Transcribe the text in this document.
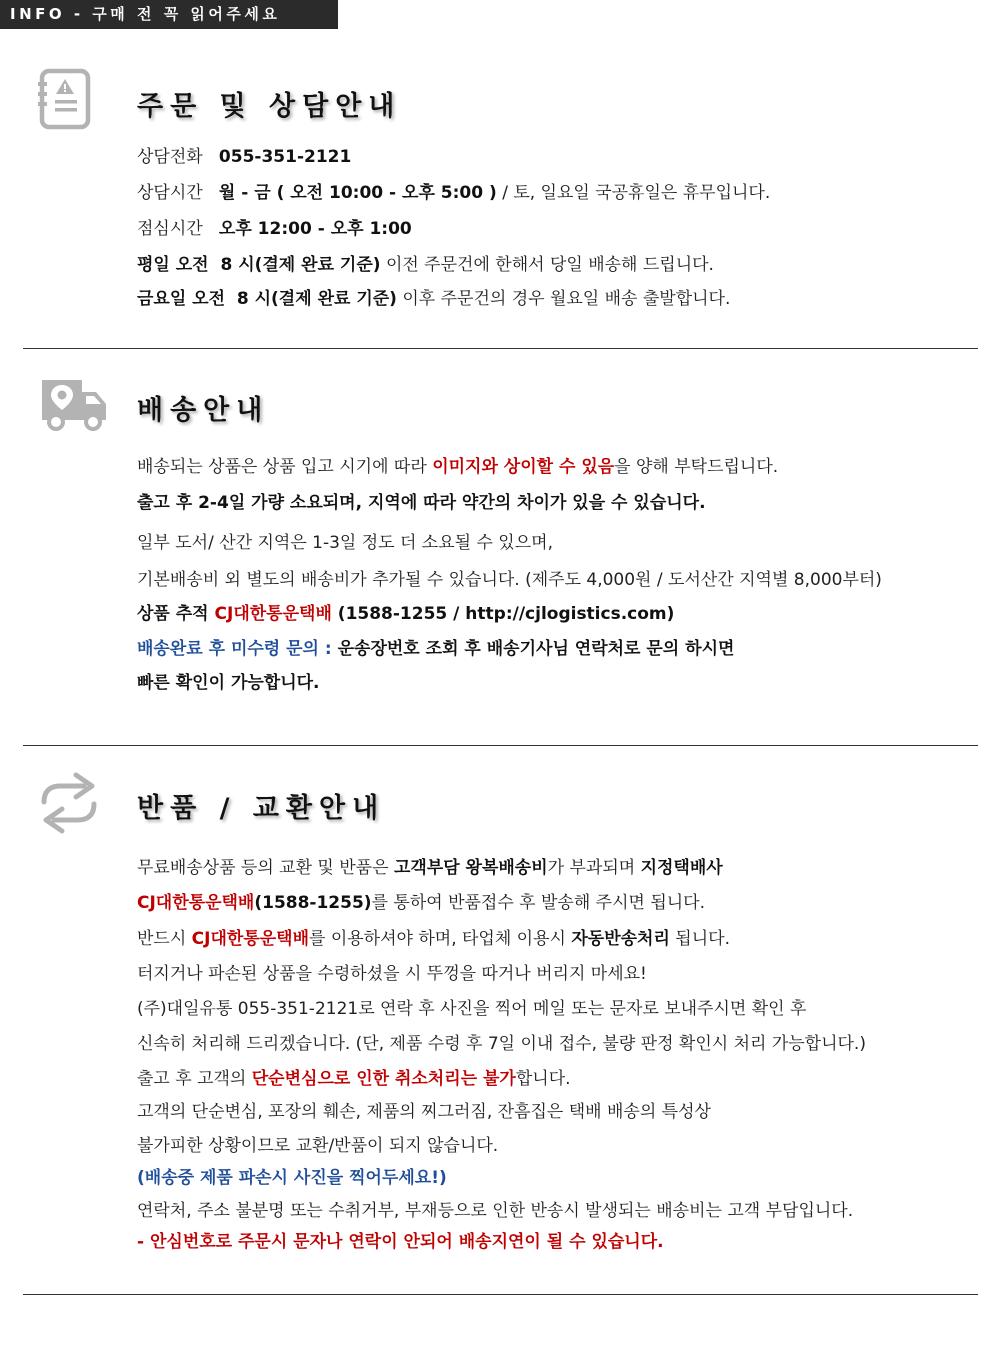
INFO - 구매 전 꼭 읽어주세요
주문 및 상담안내

상담전화 055-351-2121

상담시간 월 - 금 ( 오전 10:00 - 오후 5:00 ) / 토, 일요일 국공휴일은 휴무입니다.

점심시간 오후 12:00 - 오후 1:00

평일 오전  8 시(결제 완료 기준) 이전 주문건에 한해서 당일 배송해 드립니다.

금요일 오전  8 시(결제 완료 기준) 이후 주문건의 경우 월요일 배송 출발합니다.

배송안내

배송되는 상품은 상품 입고 시기에 따라 이미지와 상이할 수 있음을 양해 부탁드립니다.

출고 후 2-4일 가량 소요되며, 지역에 따라 약간의 차이가 있을 수 있습니다.

일부 도서/ 산간 지역은 1-3일 정도 더 소요될 수 있으며,

기본배송비 외 별도의 배송비가 추가될 수 있습니다. (제주도 4,000원 / 도서산간 지역별 8,000부터)

상품 추적 CJ대한통운택배 (1588-1255 / http://cjlogistics.com)

배송완료 후 미수령 문의 : 운송장번호 조회 후 배송기사님 연락처로 문의 하시면

빠른 확인이 가능합니다.

반품 / 교환안내

무료배송상품 등의 교환 및 반품은 고객부담 왕복배송비가 부과되며 지정택배사

CJ대한통운택배(1588-1255)를 통하여 반품접수 후 발송해 주시면 됩니다.

반드시 CJ대한통운택배를 이용하셔야 하며, 타업체 이용시 자동반송처리 됩니다.

터지거나 파손된 상품을 수령하셨을 시 뚜껑을 따거나 버리지 마세요!

(주)대일유통 055-351-2121로 연락 후 사진을 찍어 메일 또는 문자로 보내주시면 확인 후

신속히 처리해 드리겠습니다. (단, 제품 수령 후 7일 이내 접수, 불량 판정 확인시 처리 가능합니다.)

출고 후 고객의 단순변심으로 인한 취소처리는 불가합니다.

고객의 단순변심, 포장의 훼손, 제품의 찌그러짐, 잔흠집은 택배 배송의 특성상

불가피한 상황이므로 교환/반품이 되지 않습니다.

(배송중 제품 파손시 사진을 찍어두세요!)

연락처, 주소 불분명 또는 수취거부, 부재등으로 인한 반송시 발생되는 배송비는 고객 부담입니다.

- 안심번호로 주문시 문자나 연락이 안되어 배송지연이 될 수 있습니다.
